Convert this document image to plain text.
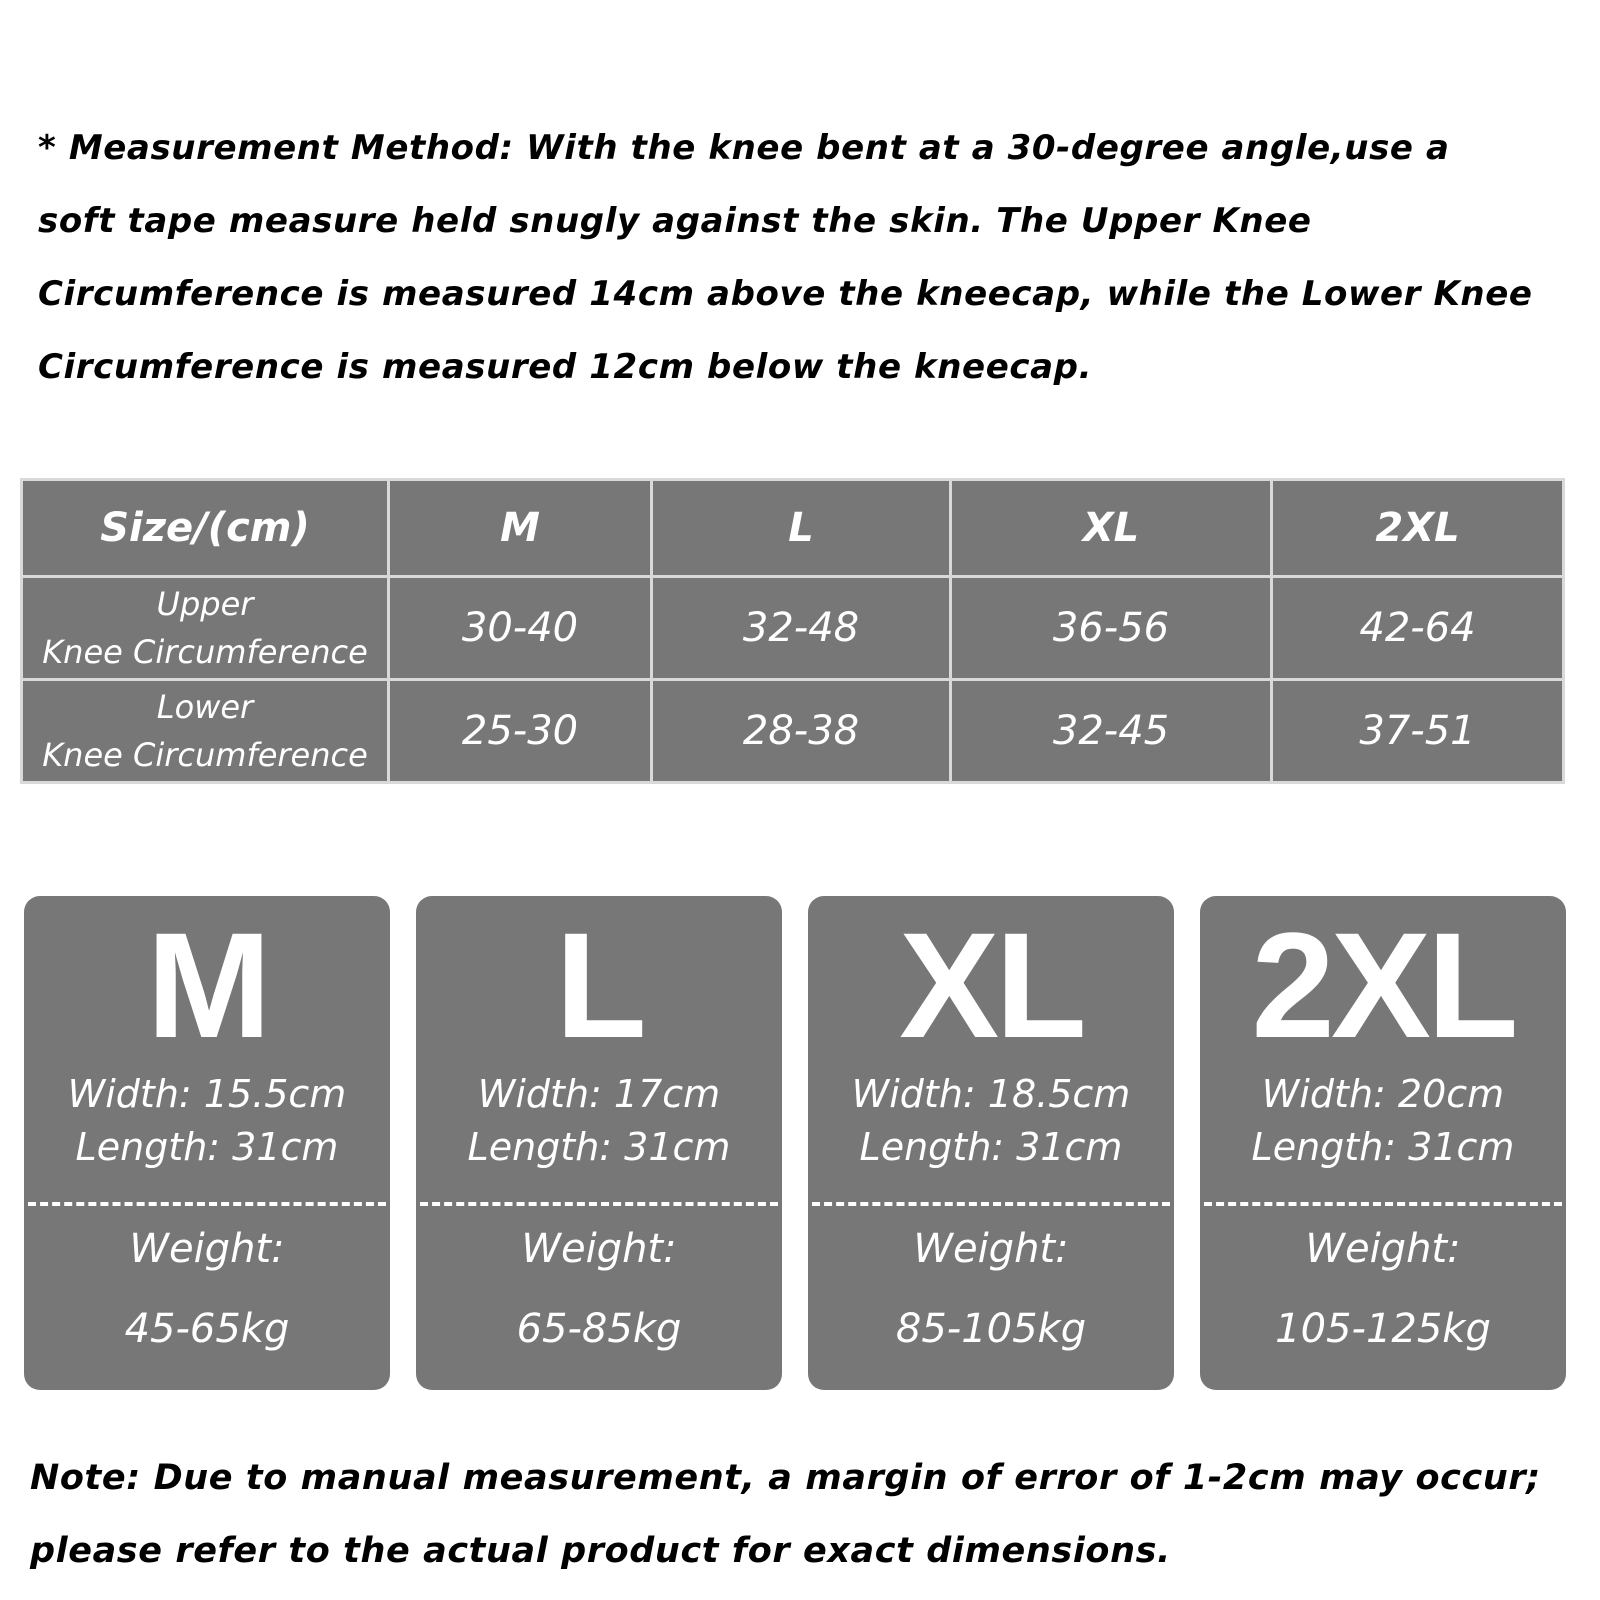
* Measurement Method: With the knee bent at a 30-degree angle,use a
soft tape measure held snugly against the skin. The Upper Knee
Circumference is measured 14cm above the kneecap, while the Lower Knee
Circumference is measured 12cm below the kneecap.

Size/(cm)	M	L	XL	2XL
Upper
Knee Circumference	30-40	32-48	36-56	42-64
Lower
Knee Circumference	25-30	28-38	32-45	37-51
M
Width: 15.5cm
Length: 31cm
Weight:
45-65kg
L
Width: 17cm
Length: 31cm
Weight:
65-85kg
XL
Width: 18.5cm
Length: 31cm
Weight:
85-105kg
2XL
Width: 20cm
Length: 31cm
Weight:
105-125kg

Note: Due to manual measurement, a margin of error of 1-2cm may occur;
please refer to the actual product for exact dimensions.
